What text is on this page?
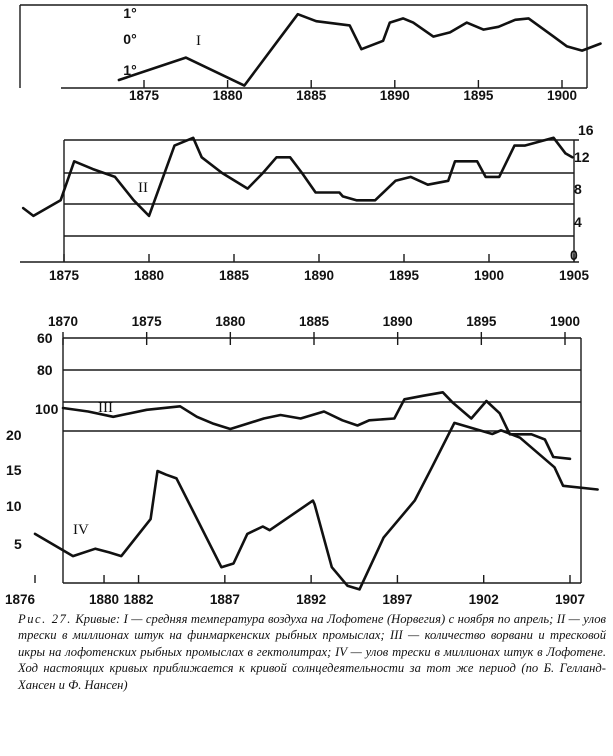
1875	1880	1885	1890	1895	1900
1°
0°
1°
I
1875	1880	1885	1890	1895	1900	1905
0
4
8
12
16
II
1870	1875	1880	1885	1890	1895	1900
60
80
100	III
1876	1880 1882	1887	1892	1897	1902	1907
5
10
15
20
IV

Рис. 27. Кривые: I — средняя температура воздуха на Лофотене (Норвегия) с ноября по апрель; II — улов трески в миллионах штук на финмаркенских рыбных промыслах; III — количество ворвани и тресковой икры на лофотенских рыбных промыслах в гектолитрах; IV — улов трески в миллионах штук в Лофотене. Ход настоящих кривых приближается к кривой солнцедеятельности за тот же период (по Б. Гелланд-Хансен и Ф. Нансен)
